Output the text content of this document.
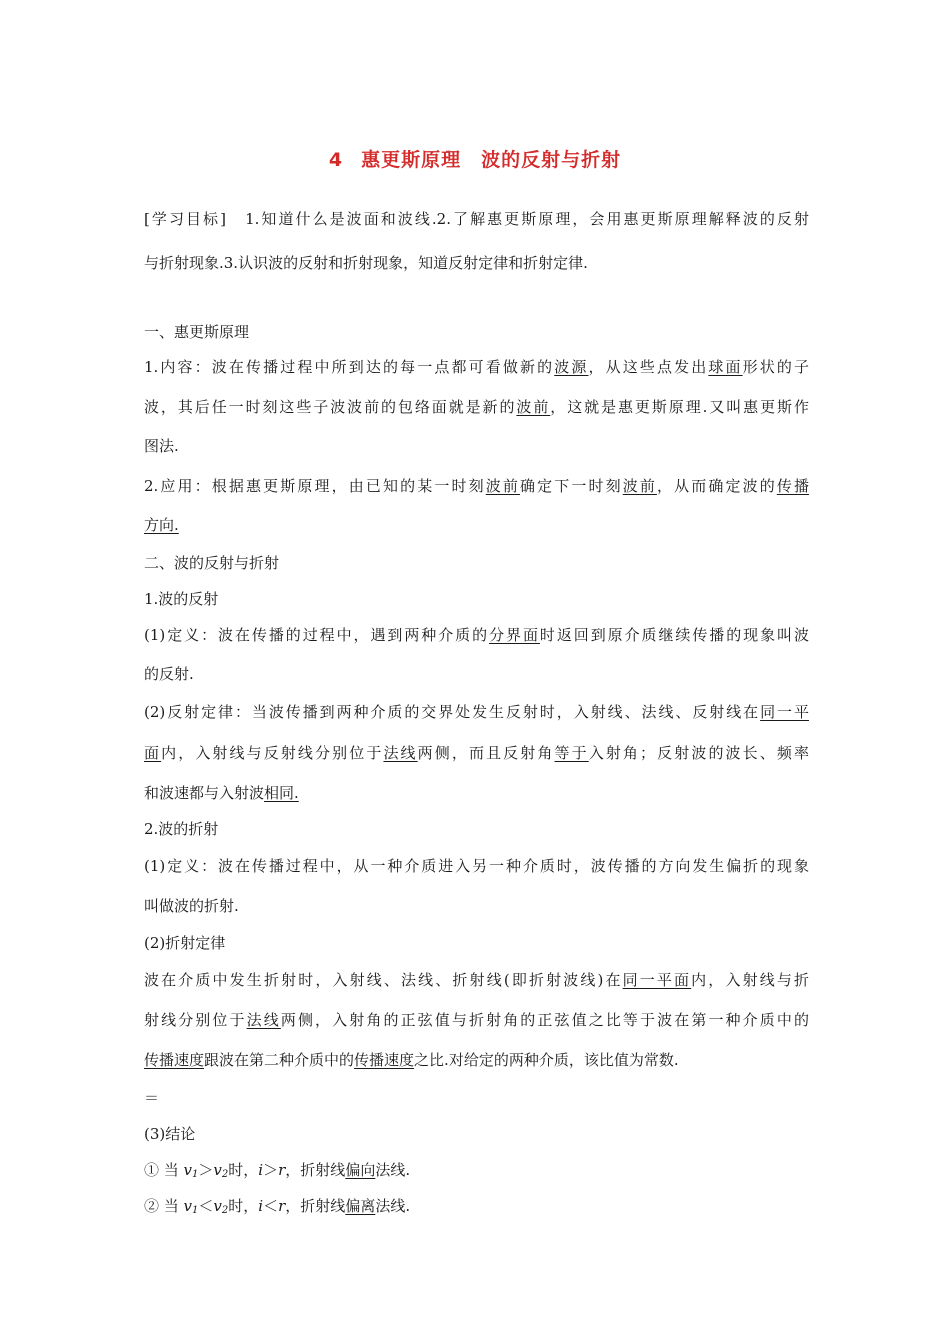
4 惠更斯原理　波的反射与折射
[学习目标]　 1.知道什么是波面和波线.2.了解惠更斯原理，会用惠更斯原理解释波的反射
与折射现象.3.认识波的反射和折射现象，知道反射定律和折射定律.
一、惠更斯原理
1.内容：波在传播过程中所到达的每一点都可看做新的波源，从这些点发出球面形状的子
波，其后任一时刻这些子波波前的包络面就是新的波前，这就是惠更斯原理.又叫惠更斯作
图法.
2.应用：根据惠更斯原理，由已知的某一时刻波前确定下一时刻波前，从而确定波的传播
方向.
二、波的反射与折射
1.波的反射
(1)定义：波在传播的过程中，遇到两种介质的分界面时返回到原介质继续传播的现象叫波
的反射.
(2)反射定律：当波传播到两种介质的交界处发生反射时，入射线、法线、反射线在同一平
面内，入射线与反射线分别位于法线两侧，而且反射角等于入射角；反射波的波长、频率
和波速都与入射波相同.
2.波的折射
(1)定义：波在传播过程中，从一种介质进入另一种介质时，波传播的方向发生偏折的现象
叫做波的折射.
(2)折射定律
波在介质中发生折射时，入射线、法线、折射线(即折射波线)在同一平面内，入射线与折
射线分别位于法线两侧，入射角的正弦值与折射角的正弦值之比等于波在第一种介质中的
传播速度跟波在第二种介质中的传播速度之比.对给定的两种介质，该比值为常数.
＝
(3)结论
① 当 $v_1>v_2$时，i＞r，折射线偏向法线.
② 当 $v_1<v_2$时，i＜r，折射线偏离法线.
